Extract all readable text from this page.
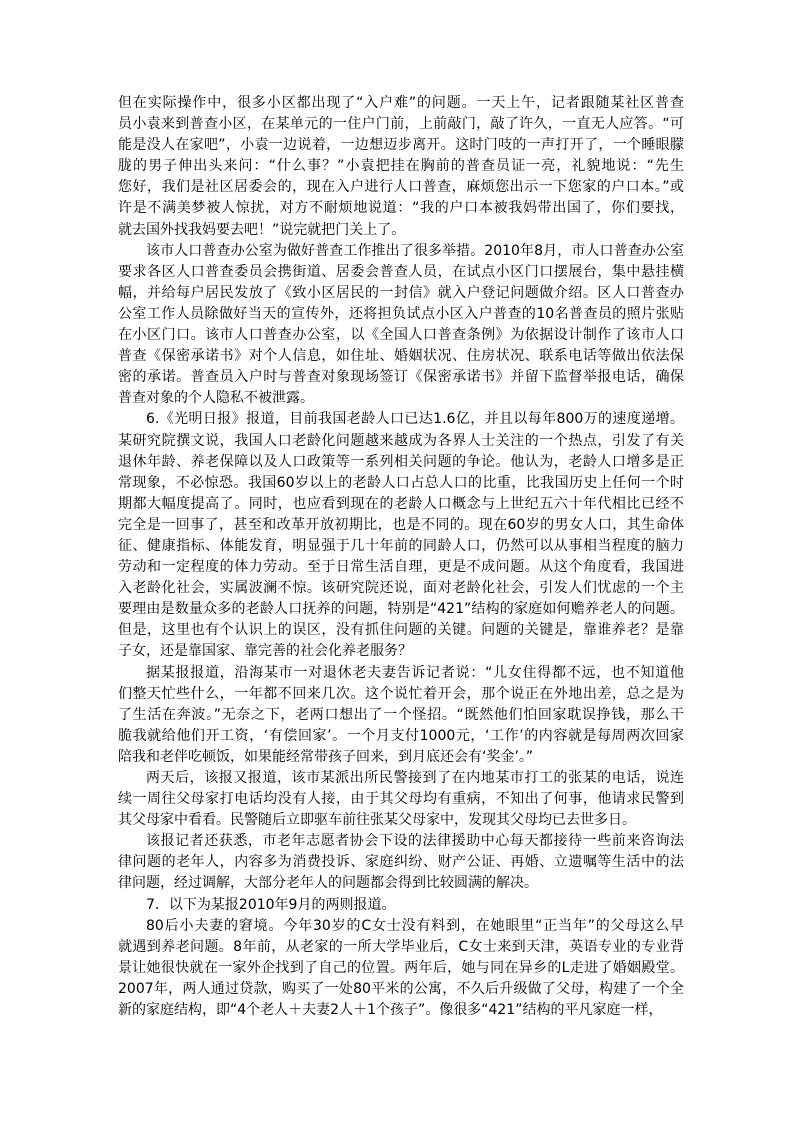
但在实际操作中，很多小区都出现了“入户难”的问题。一天上午，记者跟随某社区普查
员小袁来到普查小区，在某单元的一住户门前，上前敲门，敲了许久，一直无人应答。“可
能是没人在家吧”，小袁一边说着，一边想迈步离开。这时门吱的一声打开了，一个睡眼朦
胧的男子伸出头来问：“什么事？”小袁把挂在胸前的普查员证一亮，礼貌地说：“先生
您好，我们是社区居委会的，现在入户进行人口普查，麻烦您出示一下您家的户口本。”或
许是不满美梦被人惊扰，对方不耐烦地说道：“我的户口本被我妈带出国了，你们要找，
就去国外找我妈要去吧！”说完就把门关上了。
该市人口普查办公室为做好普查工作推出了很多举措。2010年8月，市人口普查办公室
要求各区人口普查委员会携街道、居委会普查人员，在试点小区门口摆展台，集中悬挂横
幅，并给每户居民发放了《致小区居民的一封信》就入户登记问题做介绍。区人口普查办
公室工作人员除做好当天的宣传外，还将担负试点小区入户普查的10名普查员的照片张贴
在小区门口。该市人口普查办公室，以《全国人口普查条例》为依据设计制作了该市人口
普查《保密承诺书》对个人信息，如住址、婚姻状况、住房状况、联系电话等做出依法保
密的承诺。普查员入户时与普查对象现场签订《保密承诺书》并留下监督举报电话，确保
普查对象的个人隐私不被泄露。
6.《光明日报》报道，目前我国老龄人口已达1.6亿，并且以每年800万的速度递增。
某研究院撰文说，我国人口老龄化问题越来越成为各界人士关注的一个热点，引发了有关
退休年龄、养老保障以及人口政策等一系列相关问题的争论。他认为，老龄人口增多是正
常现象，不必惊恐。我国60岁以上的老龄人口占总人口的比重，比我国历史上任何一个时
期都大幅度提高了。同时，也应看到现在的老龄人口概念与上世纪五六十年代相比已经不
完全是一回事了，甚至和改革开放初期比，也是不同的。现在60岁的男女人口，其生命体
征、健康指标、体能发育，明显强于几十年前的同龄人口，仍然可以从事相当程度的脑力
劳动和一定程度的体力劳动。至于日常生活自理，更是不成问题。从这个角度看，我国进
入老龄化社会，实属波澜不惊。该研究院还说，面对老龄化社会，引发人们忧虑的一个主
要理由是数量众多的老龄人口抚养的问题，特别是“421”结构的家庭如何赡养老人的问题。
但是，这里也有个认识上的误区，没有抓住问题的关键。问题的关键是，靠谁养老？是靠
子女，还是靠国家、靠完善的社会化养老服务？
据某报报道，沿海某市一对退休老夫妻告诉记者说：“儿女住得都不远，也不知道他
们整天忙些什么，一年都不回来几次。这个说忙着开会，那个说正在外地出差，总之是为
了生活在奔波。”无奈之下，老两口想出了一个怪招。“既然他们怕回家耽误挣钱，那么干
脆我就给他们开工资，‘有偿回家’。一个月支付1000元，‘工作’的内容就是每周两次回家
陪我和老伴吃顿饭，如果能经常带孩子回来，到月底还会有‘奖金’。”
两天后，该报又报道，该市某派出所民警接到了在内地某市打工的张某的电话，说连
续一周往父母家打电话均没有人接，由于其父母均有重病，不知出了何事，他请求民警到
其父母家中看看。民警随后立即驱车前往张某父母家中，发现其父母均已去世多日。
该报记者还获悉，市老年志愿者协会下设的法律援助中心每天都接待一些前来咨询法
律问题的老年人，内容多为消费投诉、家庭纠纷、财产公证、再婚、立遗嘱等生活中的法
律问题，经过调解，大部分老年人的问题都会得到比较圆满的解决。
7．以下为某报2010年9月的两则报道。
80后小夫妻的窘境。今年30岁的C女士没有料到，在她眼里“正当年”的父母这么早
就遇到养老问题。8年前，从老家的一所大学毕业后，C女士来到天津，英语专业的专业背
景让她很快就在一家外企找到了自己的位置。两年后，她与同在异乡的L走进了婚姻殿堂。
2007年，两人通过贷款，购买了一处80平米的公寓，不久后升级做了父母，构建了一个全
新的家庭结构，即“4个老人＋夫妻2人＋1个孩子”。像很多“421”结构的平凡家庭一样，
